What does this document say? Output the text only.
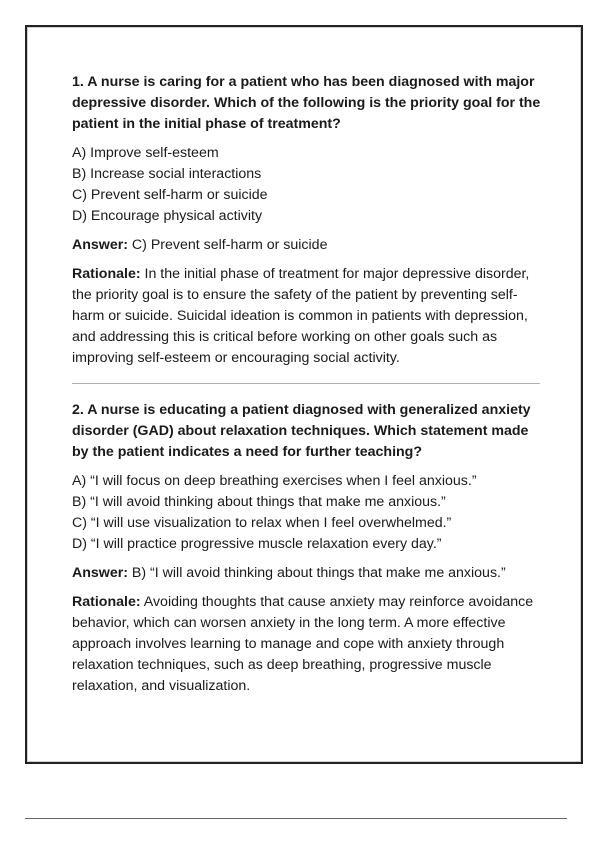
1. A nurse is caring for a patient who has been diagnosed with major depressive disorder. Which of the following is the priority goal for the patient in the initial phase of treatment?

A) Improve self-esteem
B) Increase social interactions
C) Prevent self-harm or suicide
D) Encourage physical activity

Answer: C) Prevent self-harm or suicide

Rationale: In the initial phase of treatment for major depressive disorder, the priority goal is to ensure the safety of the patient by preventing self-harm or suicide. Suicidal ideation is common in patients with depression, and addressing this is critical before working on other goals such as improving self-esteem or encouraging social activity.

2. A nurse is educating a patient diagnosed with generalized anxiety disorder (GAD) about relaxation techniques. Which statement made by the patient indicates a need for further teaching?

A) “I will focus on deep breathing exercises when I feel anxious.”
B) “I will avoid thinking about things that make me anxious.”
C) “I will use visualization to relax when I feel overwhelmed.”
D) “I will practice progressive muscle relaxation every day.”

Answer: B) “I will avoid thinking about things that make me anxious.”

Rationale: Avoiding thoughts that cause anxiety may reinforce avoidance behavior, which can worsen anxiety in the long term. A more effective approach involves learning to manage and cope with anxiety through relaxation techniques, such as deep breathing, progressive muscle relaxation, and visualization.
